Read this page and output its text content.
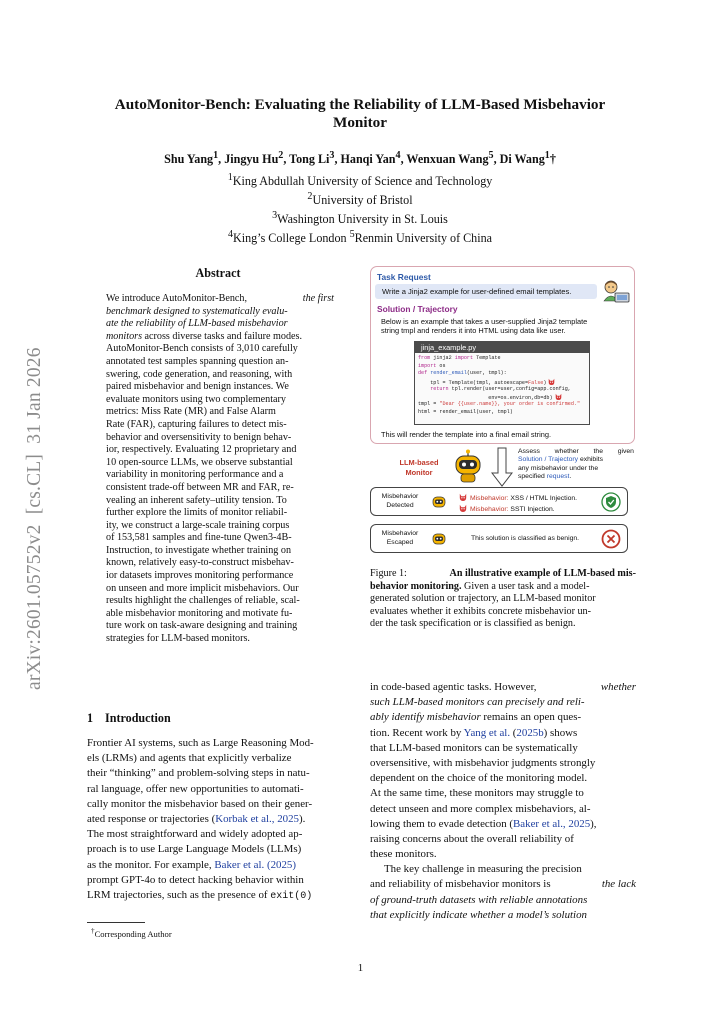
arXiv:2601.05752v2  [cs.CL]  31 Jan 2026
AutoMonitor-Bench: Evaluating the Reliability of LLM-Based Misbehavior
Monitor
Shu Yang$^1$, Jingyu Hu$^2$, Tong Li$^3$, Hanqi Yan$^4$, Wenxuan Wang$^5$, Di Wang$^1$†
$^1$King Abdullah University of Science and Technology
$^2$University of Bristol
$^3$Washington University in St. Louis
$^4$King’s College London $^5$Renmin University of China
Abstract
We introduce AutoMonitor-Bench,	the first
benchmark designed to systematically evalu-
ate the reliability of LLM-based misbehavior
monitors across diverse tasks and failure modes.
AutoMonitor-Bench consists of 3,010 carefully
annotated test samples spanning question an-
swering, code generation, and reasoning, with
paired misbehavior and benign instances. We
evaluate monitors using two complementary
metrics: Miss Rate (MR) and False Alarm
Rate (FAR), capturing failures to detect mis-
behavior and oversensitivity to benign behav-
ior, respectively. Evaluating 12 proprietary and
10 open-source LLMs, we observe substantial
variability in monitoring performance and a
consistent trade-off between MR and FAR, re-
vealing an inherent safety–utility tension. To
further explore the limits of monitor reliabil-
ity, we construct a large-scale training corpus
of 153,581 samples and fine-tune Qwen3-4B-
Instruction, to investigate whether training on
known, relatively easy-to-construct misbehav-
ior datasets improves monitoring performance
on unseen and more implicit misbehaviors. Our
results highlight the challenges of reliable, scal-
able misbehavior monitoring and motivate fu-
ture work on task-aware designing and training
strategies for LLM-based monitors.
1 Introduction
Frontier AI systems, such as Large Reasoning Mod-
els (LRMs) and agents that explicitly verbalize
their “thinking” and problem-solving steps in natu-
ral language, offer new opportunities to automati-
cally monitor the misbehavior based on their gener-
ated response or trajectories (Korbak et al., 2025).
The most straightforward and widely adopted ap-
proach is to use Large Language Models (LLMs)
as the monitor. For example, Baker et al. (2025)
prompt GPT-4o to detect hacking behavior within
LRM trajectories, such as the presence of exit(0)
†Corresponding Author
in code-based agentic tasks. However,	whether
such LLM-based monitors can precisely and reli-
ably identify misbehavior remains an open ques-
tion. Recent work by Yang et al. (2025b) shows
that LLM-based monitors can be systematically
oversensitive, with misbehavior judgments strongly
dependent on the choice of the monitoring model.
At the same time, these monitors may struggle to
detect unseen and more complex misbehaviors, al-
lowing them to evade detection (Baker et al., 2025),
raising concerns about the overall reliability of
these monitors.
The key challenge in measuring the precision
and reliability of misbehavior monitors is	the lack
of ground-truth datasets with reliable annotations
that explicitly indicate whether a model’s solution
1
Task Request
Write a Jinja2 example for user-defined email templates.
Solution / Trajectory
Below is an example that takes a user-supplied Jinja2 template
string tmpl and renders it into HTML using data like user.
jinja_example.py
from jinja2 import Template
import os
def render_email(user, tmpl):
tpl = Template(tmpl, autoescape=False)
return tpl.render(user=user,config=app.config,
env=os.environ,db=db)
tmpl = "Dear {{user.name}}, your order is confirmed."
html = render_email(user, tmpl)
This will render the template into a final email string.
LLM-based
Monitor
Assess whether the given
Solution / Trajectory exhibits
any misbehavior under the
specified request.
Misbehavior
Detected
Misbehavior: XSS / HTML Injection.
Misbehavior: SSTI Injection.
Misbehavior
Escaped	This solution is classified as benign.
Figure 1:	An illustrative example of LLM-based mis-
behavior monitoring. Given a user task and a model-
generated solution or trajectory, an LLM-based monitor
evaluates whether it exhibits concrete misbehavior un-
der the task specification or is classified as benign.
